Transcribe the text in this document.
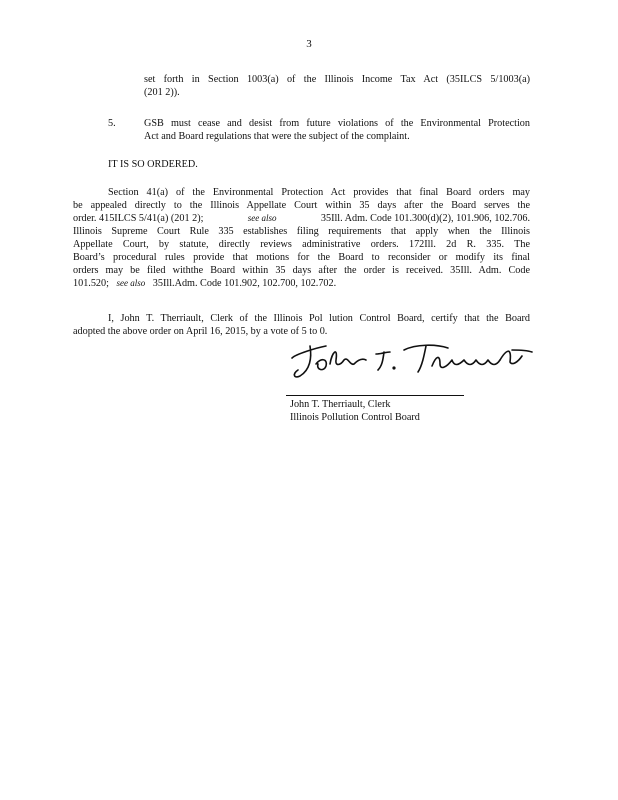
3
set forth in Section 1003(a) of the Illinois Income Tax Act (35ILCS 5/1003(a)
(201 2)).
5.	GSB must cease and desist from future violations of the Environmental Protection
Act and Board regulations that were the subject of the complaint.
IT IS SO ORDERED.
Section 41(a) of the Environmental Protection Act provides that final Board orders may
be appealed directly to the Illinois Appellate Court within 35 days after the Board serves the
order. 415ILCS 5/41(a) (201 2);	see also	35Ill. Adm. Code 101.300(d)(2), 101.906, 102.706.
Illinois Supreme Court Rule 335 establishes filing requirements that apply when the Illinois
Appellate Court, by statute, directly reviews administrative orders. 172Ill. 2d R. 335. The
Board’s procedural rules provide that motions for the Board to reconsider or modify its final
orders may be filed withthe Board within 35 days after the order is received. 35Ill. Adm. Code
101.520; see also 35Ill.Adm. Code 101.902, 102.700, 102.702.
I, John T. Therriault, Clerk of the Illinois Pol lution Control Board, certify that the Board
adopted the above order on April 16, 2015, by a vote of 5 to 0.
John T. Therriault, Clerk
Illinois Pollution Control Board
